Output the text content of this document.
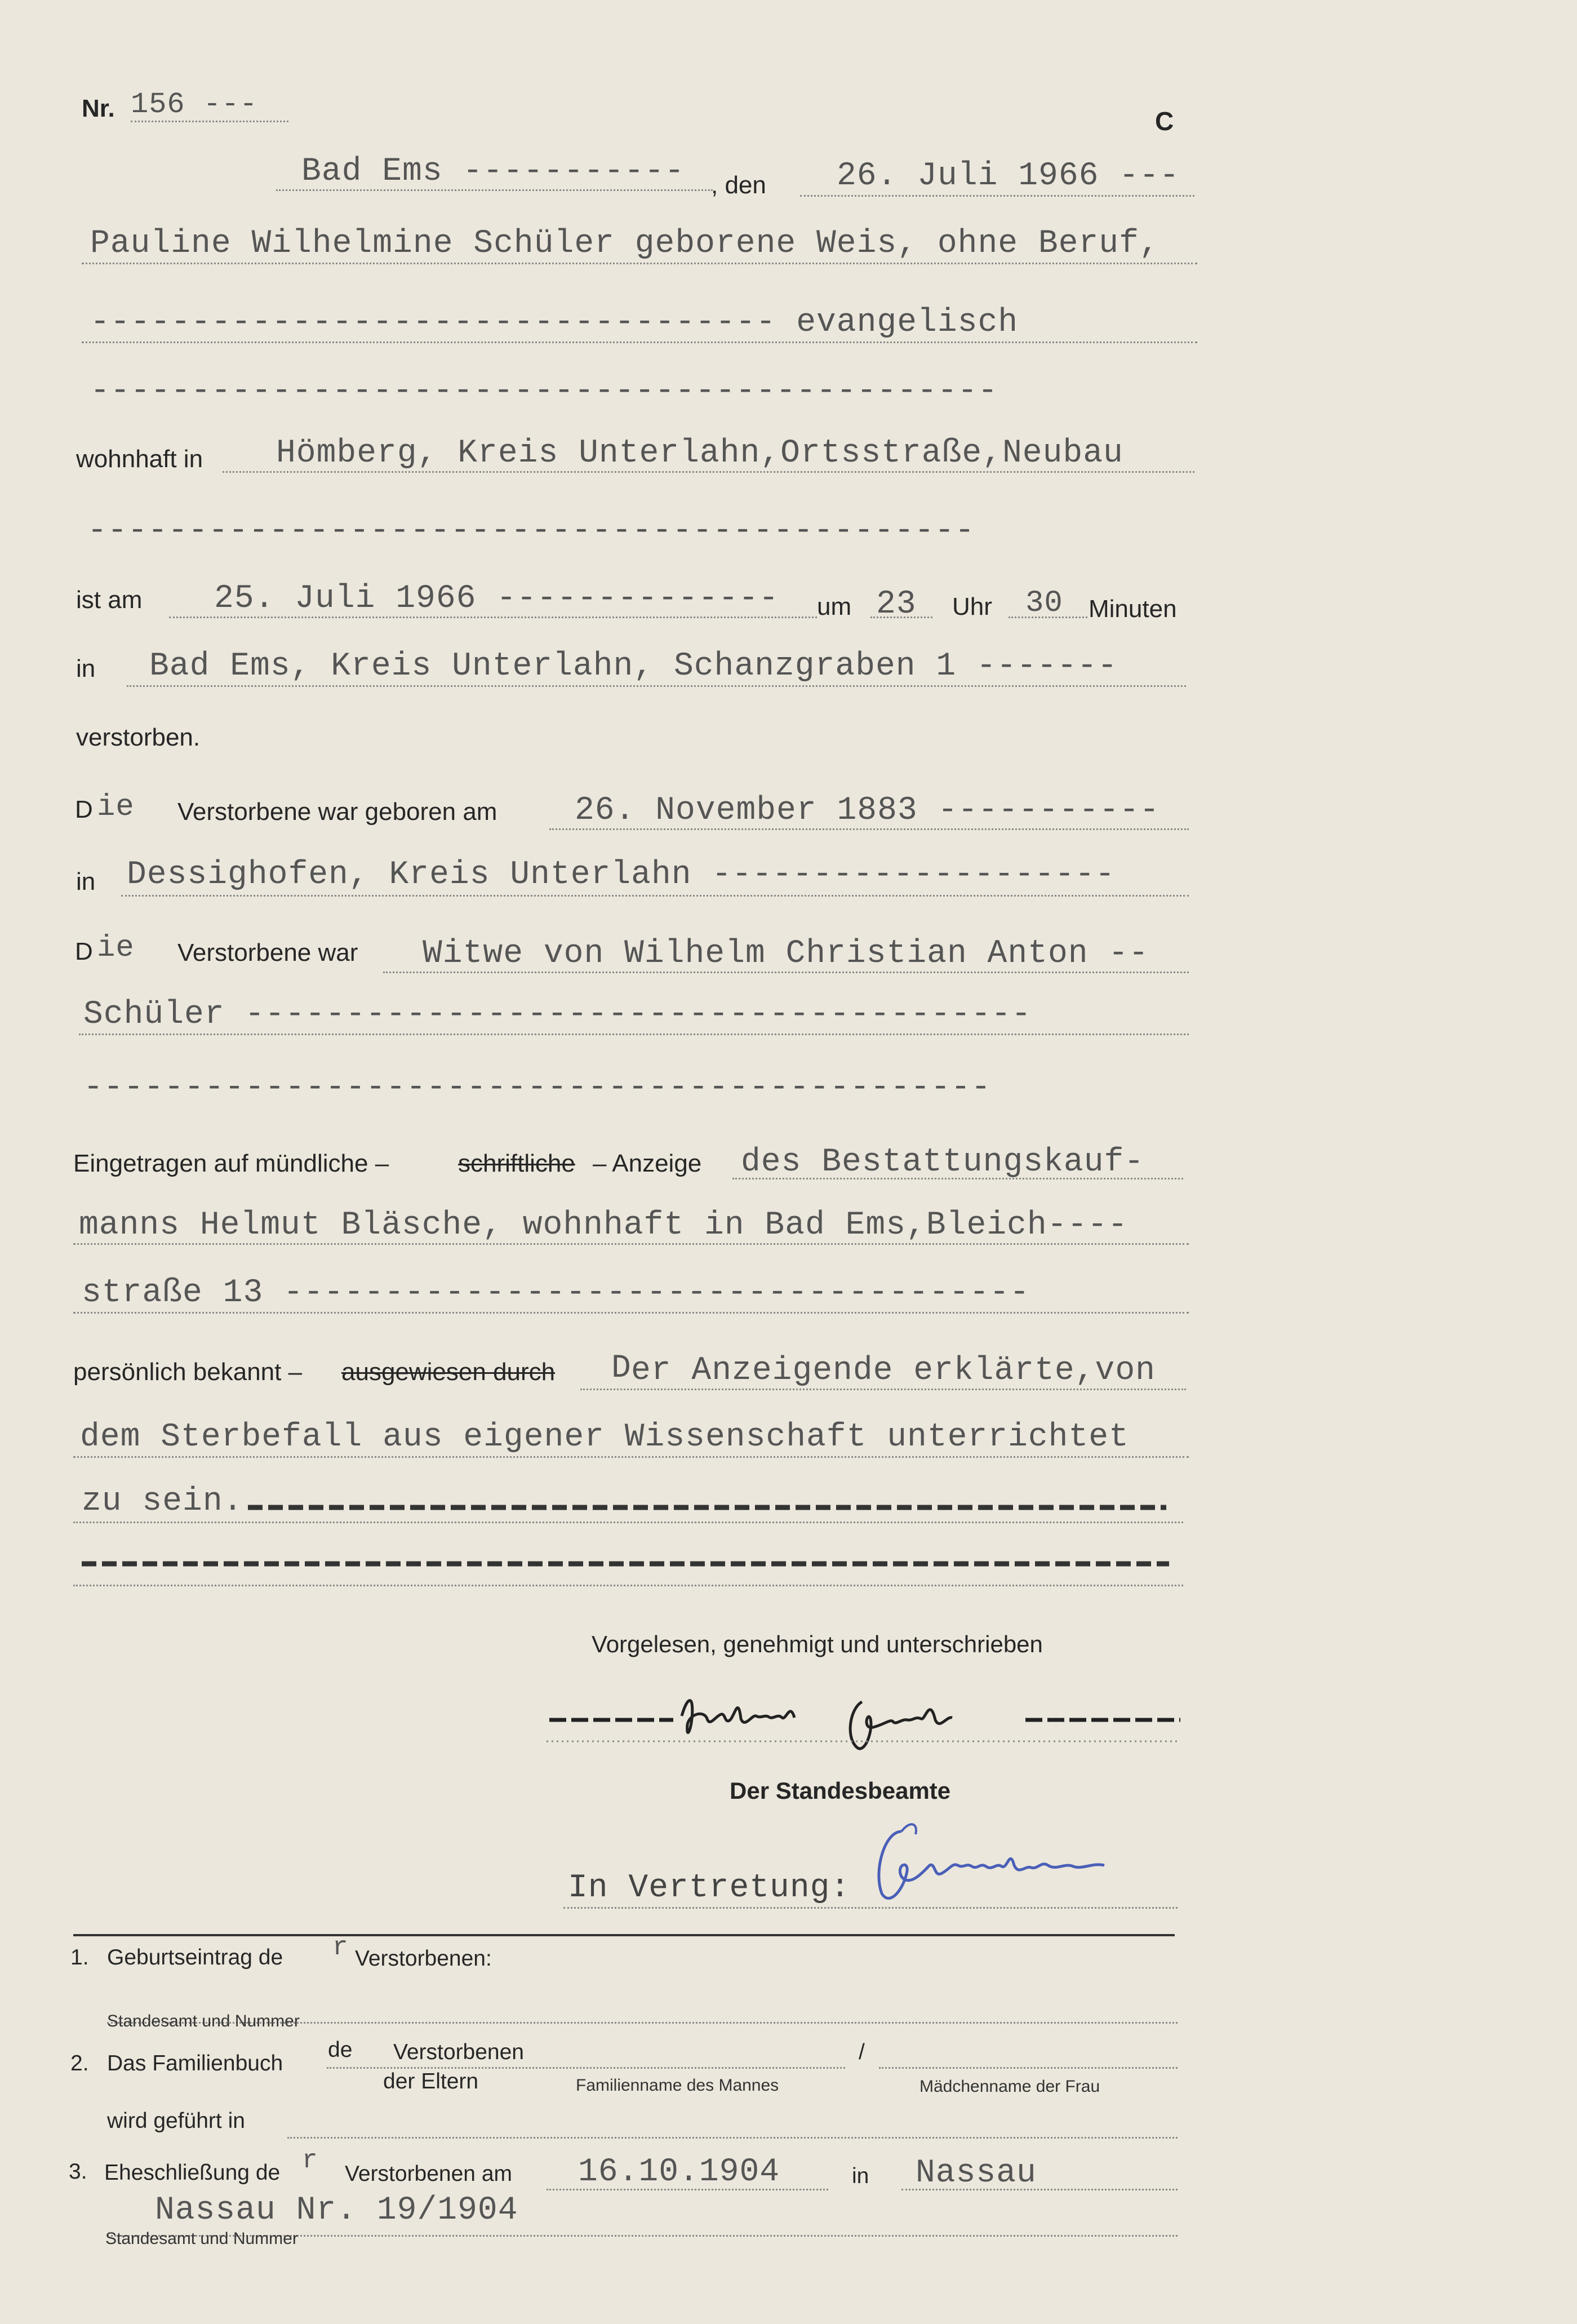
Nr. 156 ---	C
Bad Ems ----------- , den 26. Juli 1966 ---
Pauline Wilhelmine Schüler geborene Weis, ohne Beruf,
---------------------------------- evangelisch
---------------------------------------------
wohnhaft in Hömberg, Kreis Unterlahn,Ortsstraße,Neubau
--------------------------------------------
ist am 25. Juli 1966 -------------- um 23 Uhr 30 Minuten
in Bad Ems, Kreis Unterlahn, Schanzgraben 1 -------
verstorben.
D ie Verstorbene war geboren am 26. November 1883 -----------
in Dessighofen, Kreis Unterlahn --------------------
D ie Verstorbene war Witwe von Wilhelm Christian Anton --
Schüler ---------------------------------------
---------------------------------------------
Eingetragen auf mündliche –	schriftliche – Anzeige des Bestattungskauf-
manns Helmut Bläsche, wohnhaft in Bad Ems,Bleich----
straße 13 -------------------------------------
persönlich bekannt – ausgewiesen durch D er Anzeigende erklärte,von
dem Sterbefall aus eigener Wissenschaft unterrichtet
zu sein.
Vorgelesen, genehmigt und unterschrieben
Der Standesbeamte
In Vertretung:
1. Geburtseintrag de r Verstorbenen:
Standesamt und Nummer
2. Das Familienbuch
de Verstorbenen
der Eltern
/
Familienname des Mannes	Mädchenname der Frau
wird geführt in
3. Eheschließung de r Verstorbenen am 16.10.1904	in Nassau
Nassau Nr. 19/1904
Standesamt und Nummer
